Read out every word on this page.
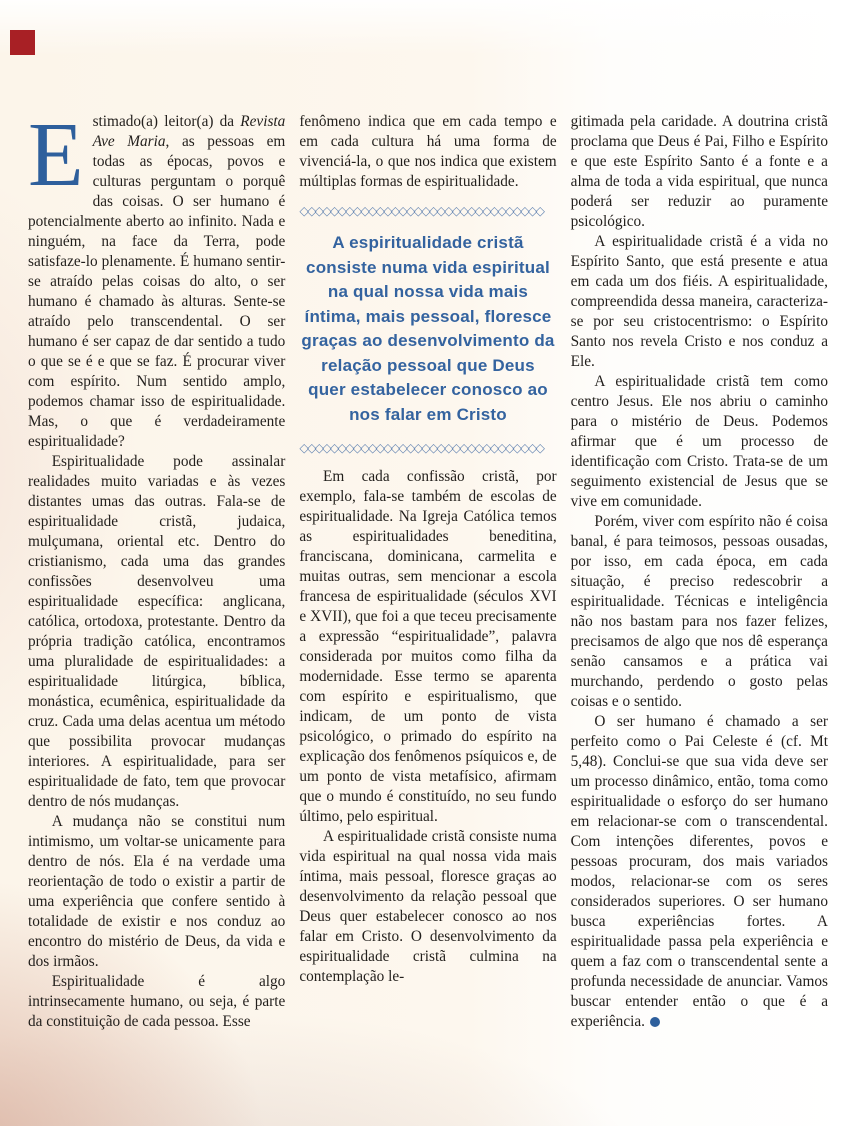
Estimado(a) leitor(a) da Revista Ave Maria, as pessoas em todas as épocas, povos e culturas perguntam o porquê das coisas. O ser humano é potencialmente aberto ao infinito. Nada e ninguém, na face da Terra, pode satisfaze-lo plenamente. É humano sentir-se atraído pelas coisas do alto, o ser humano é chamado às alturas. Sente-se atraído pelo transcendental. O ser humano é ser capaz de dar sentido a tudo o que se é e que se faz. É procurar viver com espírito. Num sentido amplo, podemos chamar isso de espiritualidade. Mas, o que é verdadeiramente espiritualidade?

Espiritualidade pode assinalar realidades muito variadas e às vezes distantes umas das outras. Fala-se de espiritualidade cristã, judaica, mulçumana, oriental etc. Dentro do cristianismo, cada uma das grandes confissões desenvolveu uma espiritualidade específica: anglicana, católica, ortodoxa, protestante. Dentro da própria tradição católica, encontramos uma pluralidade de espiritualidades: a espiritualidade litúrgica, bíblica, monástica, ecumênica, espiritualidade da cruz. Cada uma delas acentua um método que possibilita provocar mudanças interiores. A espiritualidade, para ser espiritualidade de fato, tem que provocar dentro de nós mudanças.

A mudança não se constitui num intimismo, um voltar-se unicamente para dentro de nós. Ela é na verdade uma reorientação de todo o existir a partir de uma experiência que confere sentido à totalidade de existir e nos conduz ao encontro do mistério de Deus, da vida e dos irmãos.

Espiritualidade é algo intrinsecamente humano, ou seja, é parte da constituição de cada pessoa. Esse

fenômeno indica que em cada tempo e em cada cultura há uma forma de vivenciá-la, o que nos indica que existem múltiplas formas de espiritualidade.

◇◇◇◇◇◇◇◇◇◇◇◇◇◇◇◇◇◇◇◇◇◇◇◇◇◇◇◇◇◇◇◇
A espiritualidade cristã consiste numa vida espiritual na qual nossa vida mais íntima, mais pessoal, floresce graças ao desenvolvimento da relação pessoal que Deus quer estabelecer conosco ao nos falar em Cristo
◇◇◇◇◇◇◇◇◇◇◇◇◇◇◇◇◇◇◇◇◇◇◇◇◇◇◇◇◇◇◇◇

Em cada confissão cristã, por exemplo, fala-se também de escolas de espiritualidade. Na Igreja Católica temos as espiritualidades beneditina, franciscana, dominicana, carmelita e muitas outras, sem mencionar a escola francesa de espiritualidade (séculos XVI e XVII), que foi a que teceu precisamente a expressão “espiritualidade”, palavra considerada por muitos como filha da modernidade. Esse termo se aparenta com espírito e espiritualismo, que indicam, de um ponto de vista psicológico, o primado do espírito na explicação dos fenômenos psíquicos e, de um ponto de vista metafísico, afirmam que o mundo é constituído, no seu fundo último, pelo espiritual.

A espiritualidade cristã consiste numa vida espiritual na qual nossa vida mais íntima, mais pessoal, floresce graças ao desenvolvimento da relação pessoal que Deus quer estabelecer conosco ao nos falar em Cristo. O desenvolvimento da espiritualidade cristã culmina na contemplação le-

gitimada pela caridade. A doutrina cristã proclama que Deus é Pai, Filho e Espírito e que este Espírito Santo é a fonte e a alma de toda a vida espiritual, que nunca poderá ser reduzir ao puramente psicológico.

A espiritualidade cristã é a vida no Espírito Santo, que está presente e atua em cada um dos fiéis. A espiritualidade, compreendida dessa maneira, caracteriza-se por seu cristocentrismo: o Espírito Santo nos revela Cristo e nos conduz a Ele.

A espiritualidade cristã tem como centro Jesus. Ele nos abriu o caminho para o mistério de Deus. Podemos afirmar que é um processo de identificação com Cristo. Trata-se de um seguimento existencial de Jesus que se vive em comunidade.

Porém, viver com espírito não é coisa banal, é para teimosos, pessoas ousadas, por isso, em cada época, em cada situação, é preciso redescobrir a espiritualidade. Técnicas e inteligência não nos bastam para nos fazer felizes, precisamos de algo que nos dê esperança senão cansamos e a prática vai murchando, perdendo o gosto pelas coisas e o sentido.

O ser humano é chamado a ser perfeito como o Pai Celeste é (cf. Mt 5,48). Conclui-se que sua vida deve ser um processo dinâmico, então, toma como espiritualidade o esforço do ser humano em relacionar-se com o transcendental. Com intenções diferentes, povos e pessoas procuram, dos mais variados modos, relacionar-se com os seres considerados superiores. O ser humano busca experiências fortes. A espiritualidade passa pela experiência e quem a faz com o transcendental sente a profunda necessidade de anunciar. Vamos buscar entender então o que é a experiência.
